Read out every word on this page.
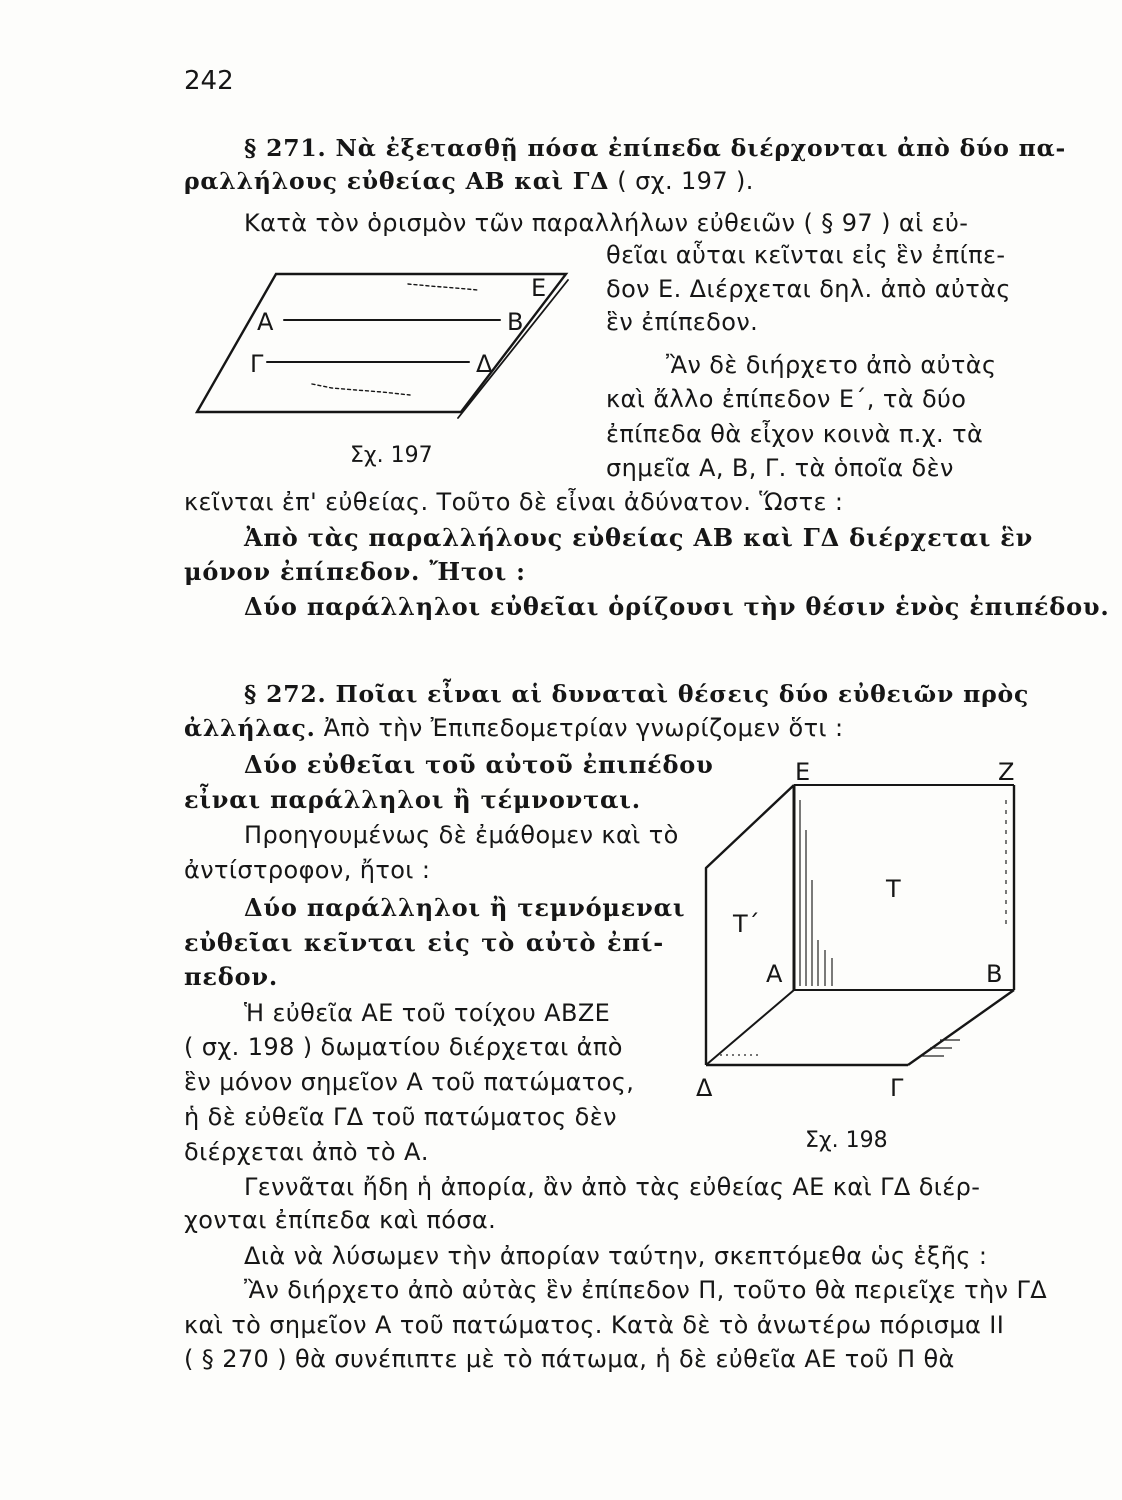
242
§ 271. Νὰ ἐξετασθῇ πόσα ἐπίπεδα διέρχονται ἀπὸ δύο πα-
ραλλήλους εὐθείας ΑΒ καὶ ΓΔ ( σχ. 197 ).
Κατὰ τὸν ὁρισμὸν τῶν παραλλήλων εὐθειῶν ( § 97 ) αἱ εὐ-
θεῖαι αὗται κεῖνται εἰς ἓν ἐπίπε-
δον Ε. Διέρχεται δηλ. ἀπὸ αὐτὰς
ἓν ἐπίπεδον.
Ἂν δὲ διήρχετο ἀπὸ αὐτὰς
καὶ ἄλλο ἐπίπεδον Ε΄, τὰ δύο
ἐπίπεδα θὰ εἶχον κοινὰ π.χ. τὰ
σημεῖα Α, Β, Γ. τὰ ὁποῖα δὲν
κεῖνται ἐπ' εὐθείας. Τοῦτο δὲ εἶναι ἀδύνατον. Ὥστε :
Ἀπὸ τὰς παραλλήλους εὐθείας ΑΒ καὶ ΓΔ διέρχεται ἓν
μόνον ἐπίπεδον. Ἤτοι :
Δύο παράλληλοι εὐθεῖαι ὁρίζουσι τὴν θέσιν ἑνὸς ἐπιπέδου.
Ε
Α	Β
Γ	Δ
Σχ. 197
§ 272. Ποῖαι εἶναι αἱ δυναταὶ θέσεις δύο εὐθειῶν πρὸς
ἀλλήλας. Ἀπὸ τὴν Ἐπιπεδομετρίαν γνωρίζομεν ὅτι :
Δύο εὐθεῖαι τοῦ αὐτοῦ ἐπιπέδου
εἶναι παράλληλοι ἢ τέμνονται.
Προηγουμένως δὲ ἐμάθομεν καὶ τὸ
ἀντίστροφον, ἤτοι :
Δύο παράλληλοι ἢ τεμνόμεναι
εὐθεῖαι κεῖνται εἰς τὸ αὐτὸ ἐπί-
πεδον.
Ἡ εὐθεῖα ΑΕ τοῦ τοίχου ΑΒΖΕ
( σχ. 198 ) δωματίου διέρχεται ἀπὸ
ἓν μόνον σημεῖον Α τοῦ πατώματος,
ἡ δὲ εὐθεῖα ΓΔ τοῦ πατώματος δὲν
διέρχεται ἀπὸ τὸ Α.
Ε	Ζ
Τ
Τ΄
Α	Β
Δ	Γ
Σχ. 198
Γεννᾶται ἤδη ἡ ἀπορία, ἂν ἀπὸ τὰς εὐθείας ΑΕ καὶ ΓΔ διέρ-
χονται ἐπίπεδα καὶ πόσα.
Διὰ νὰ λύσωμεν τὴν ἀπορίαν ταύτην, σκεπτόμεθα ὡς ἑξῆς :
Ἂν διήρχετο ἀπὸ αὐτὰς ἓν ἐπίπεδον Π, τοῦτο θὰ περιεῖχε τὴν ΓΔ
καὶ τὸ σημεῖον Α τοῦ πατώματος. Κατὰ δὲ τὸ ἀνωτέρω πόρισμα ΙΙ
( § 270 ) θὰ συνέπιπτε μὲ τὸ πάτωμα, ἡ δὲ εὐθεῖα ΑΕ τοῦ Π θὰ
